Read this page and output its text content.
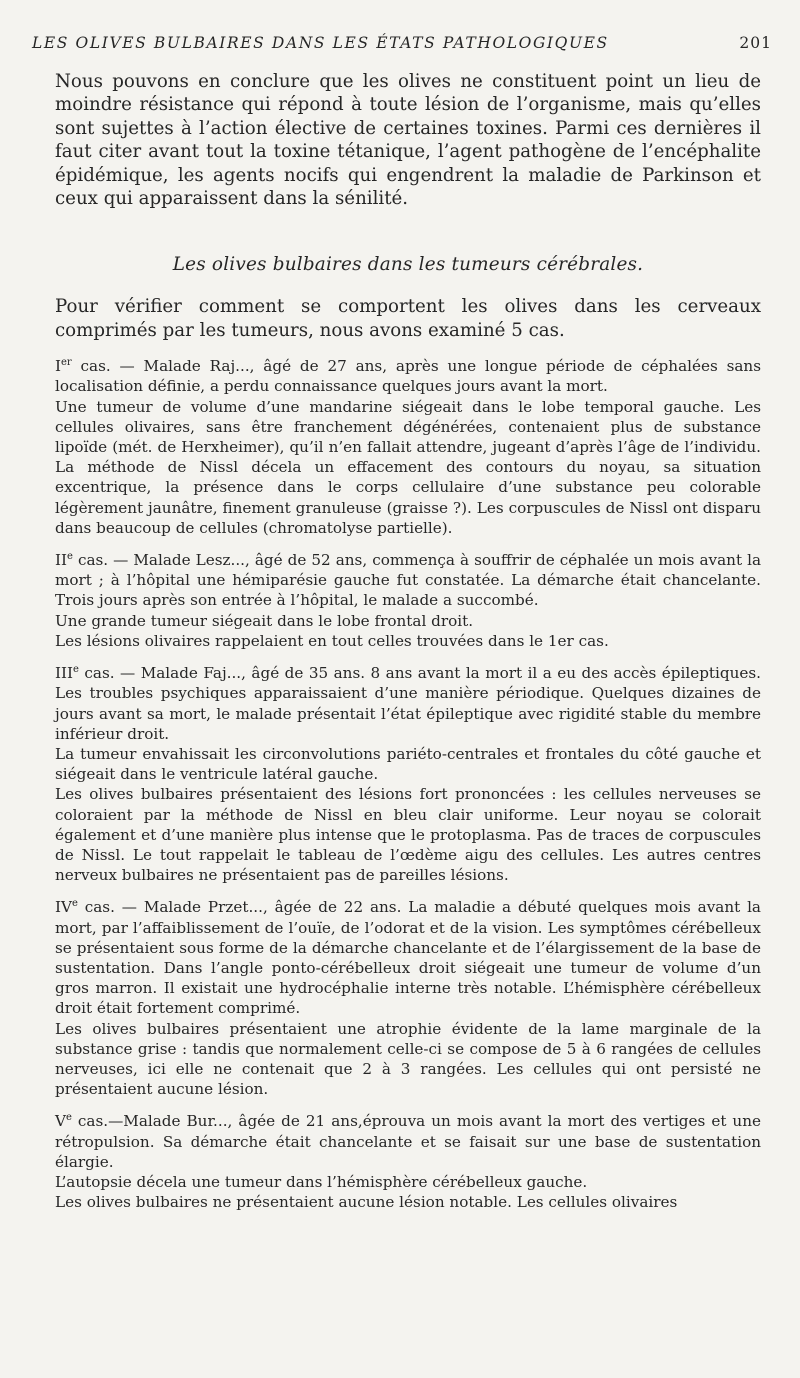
LES OLIVES BULBAIRES DANS LES ÉTATS PATHOLOGIQUES	201

Nous pouvons en conclure que les olives ne constituent point un lieu de moindre résistance qui répond à toute lésion de l’organisme, mais qu’elles sont sujettes à l’action élective de certaines toxines. Parmi ces dernières il faut citer avant tout la toxine tétanique, l’agent pathogène de l’encéphalite épidémique, les agents nocifs qui engendrent la maladie de Parkinson et ceux qui apparaissent dans la sénilité.

Les olives bulbaires dans les tumeurs cérébrales.

Pour vérifier comment se comportent les olives dans les cerveaux comprimés par les tumeurs, nous avons examiné 5 cas.

Ier cas. — Malade Raj..., âgé de 27 ans, après une longue période de céphalées sans localisation définie, a perdu connaissance quelques jours avant la mort.

Une tumeur de volume d’une mandarine siégeait dans le lobe temporal gauche. Les cellules olivaires, sans être franchement dégénérées, contenaient plus de substance lipoïde (mét. de Herxheimer), qu’il n’en fallait attendre, jugeant d’après l’âge de l’individu. La méthode de Nissl décela un effacement des contours du noyau, sa situation excentrique, la présence dans le corps cellulaire d’une substance peu colorable légèrement jaunâtre, finement granuleuse (graisse ?). Les corpuscules de Nissl ont disparu dans beaucoup de cellules (chromatolyse partielle).

IIe cas. — Malade Lesz..., âgé de 52 ans, commença à souffrir de céphalée un mois avant la mort ; à l’hôpital une hémiparésie gauche fut constatée. La démarche était chancelante. Trois jours après son entrée à l’hôpital, le malade a succombé.

Une grande tumeur siégeait dans le lobe frontal droit.

Les lésions olivaires rappelaient en tout celles trouvées dans le 1er cas.

IIIe cas. — Malade Faj..., âgé de 35 ans. 8 ans avant la mort il a eu des accès épileptiques. Les troubles psychiques apparaissaient d’une manière périodique. Quelques dizaines de jours avant sa mort, le malade présentait l’état épileptique avec rigidité stable du membre inférieur droit.

La tumeur envahissait les circonvolutions pariéto-centrales et frontales du côté gauche et siégeait dans le ventricule latéral gauche.

Les olives bulbaires présentaient des lésions fort prononcées : les cellules nerveuses se coloraient par la méthode de Nissl en bleu clair uniforme. Leur noyau se colorait également et d’une manière plus intense que le protoplasma. Pas de traces de corpuscules de Nissl. Le tout rappelait le tableau de l’œdème aigu des cellules. Les autres centres nerveux bulbaires ne présentaient pas de pareilles lésions.

IVe cas. — Malade Przet..., âgée de 22 ans. La maladie a débuté quelques mois avant la mort, par l’affaiblissement de l’ouïe, de l’odorat et de la vision. Les symptômes cérébelleux se présentaient sous forme de la démarche chancelante et de l’élargissement de la base de sustentation. Dans l’angle ponto-cérébelleux droit siégeait une tumeur de volume d’un gros marron. Il existait une hydrocéphalie interne très notable. L’hémisphère cérébelleux droit était fortement comprimé.

Les olives bulbaires présentaient une atrophie évidente de la lame marginale de la substance grise : tandis que normalement celle-ci se compose de 5 à 6 rangées de cellules nerveuses, ici elle ne contenait que 2 à 3 rangées. Les cellules qui ont persisté ne présentaient aucune lésion.

Ve cas.—Malade Bur..., âgée de 21 ans,éprouva un mois avant la mort des vertiges et une rétropulsion. Sa démarche était chancelante et se faisait sur une base de sustentation élargie.

L’autopsie décela une tumeur dans l’hémisphère cérébelleux gauche.

Les olives bulbaires ne présentaient aucune lésion notable. Les cellules olivaires
